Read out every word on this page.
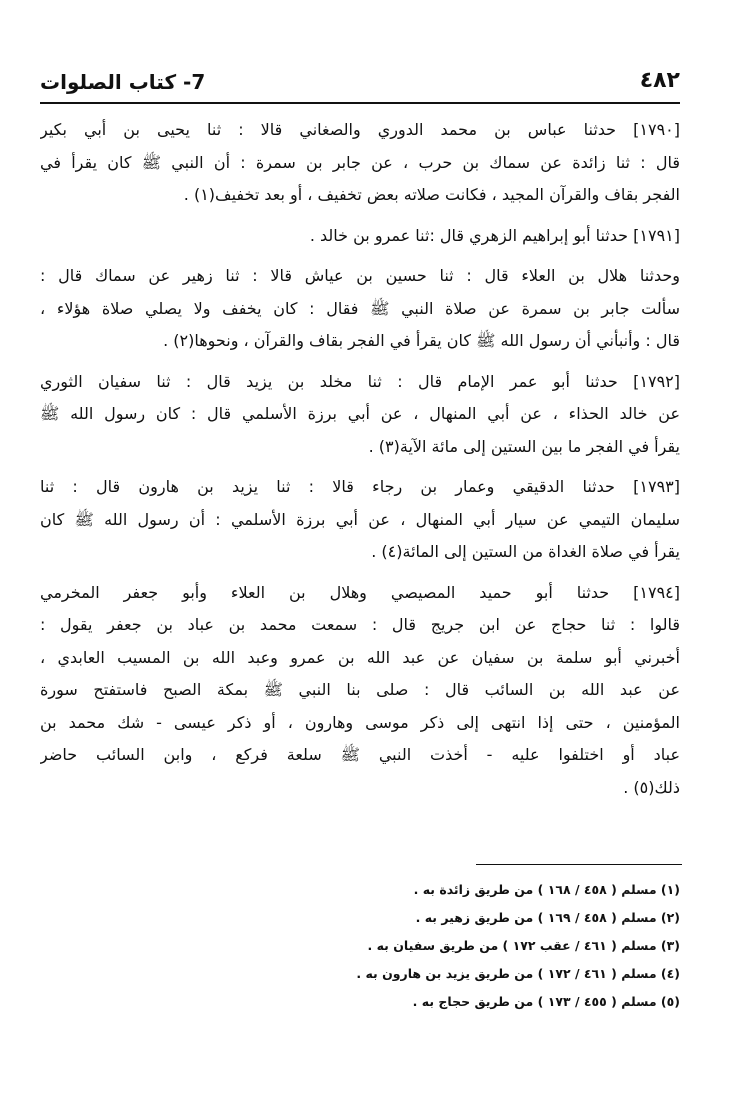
٤٨٢
7- كتاب الصلوات
[١٧٩٠] حدثنا عباس بن محمد الدوري والصغاني قالا : ثنا يحيى بن أبي بكير
قال : ثنا زائدة عن سماك بن حرب ، عن جابر بن سمرة : أن النبي ﷺ كان يقرأ في
الفجر بقاف والقرآن المجيد ، فكانت صلاته بعض تخفيف ، أو بعد تخفيف(١) .
[١٧٩١] حدثنا أبو إبراهيم الزهري قال :ثنا عمرو بن خالد .
وحدثنا هلال بن العلاء قال : ثنا حسين بن عياش قالا : ثنا زهير عن سماك قال :
سألت جابر بن سمرة عن صلاة النبي ﷺ فقال : كان يخفف ولا يصلي صلاة هؤلاء ،
قال : وأنبأني أن رسول الله ﷺ كان يقرأ في الفجر بقاف والقرآن ، ونحوها(٢) .
[١٧٩٢] حدثنا أبو عمر الإمام قال : ثنا مخلد بن يزيد قال : ثنا سفيان الثوري
عن خالد الحذاء ، عن أبي المنهال ، عن أبي برزة الأسلمي قال : كان رسول الله ﷺ
يقرأ في الفجر ما بين الستين إلى مائة الآية(٣) .
[١٧٩٣] حدثنا الدقيقي وعمار بن رجاء قالا : ثنا يزيد بن هارون قال : ثنا
سليمان التيمي عن سيار أبي المنهال ، عن أبي برزة الأسلمي : أن رسول الله ﷺ كان
يقرأ في صلاة الغداة من الستين إلى المائة(٤) .
[١٧٩٤] حدثنا أبو حميد المصيصي وهلال بن العلاء وأبو جعفر المخرمي
قالوا : ثنا حجاج عن ابن جريج قال : سمعت محمد بن عباد بن جعفر يقول :
أخبرني أبو سلمة بن سفيان عن عبد الله بن عمرو وعبد الله بن المسيب العابدي ،
عن عبد الله بن السائب قال : صلى بنا النبي ﷺ بمكة الصبح فاستفتح سورة
المؤمنين ، حتى إذا انتهى إلى ذكر موسى وهارون ، أو ذكر عيسى - شك محمد بن
عباد أو اختلفوا عليه - أخذت النبي ﷺ سلعة فركع ، وابن السائب حاضر
ذلك(٥) .
(١) مسلم ( ٤٥٨ / ١٦٨ ) من طريق زائدة به .
(٢) مسلم ( ٤٥٨ / ١٦٩ ) من طريق زهير به .
(٣) مسلم ( ٤٦١ / عقب ١٧٢ ) من طريق سفيان به .
(٤) مسلم ( ٤٦١ / ١٧٢ ) من طريق يزيد بن هارون به .
(٥) مسلم ( ٤٥٥ / ١٧٣ ) من طريق حجاج به .
